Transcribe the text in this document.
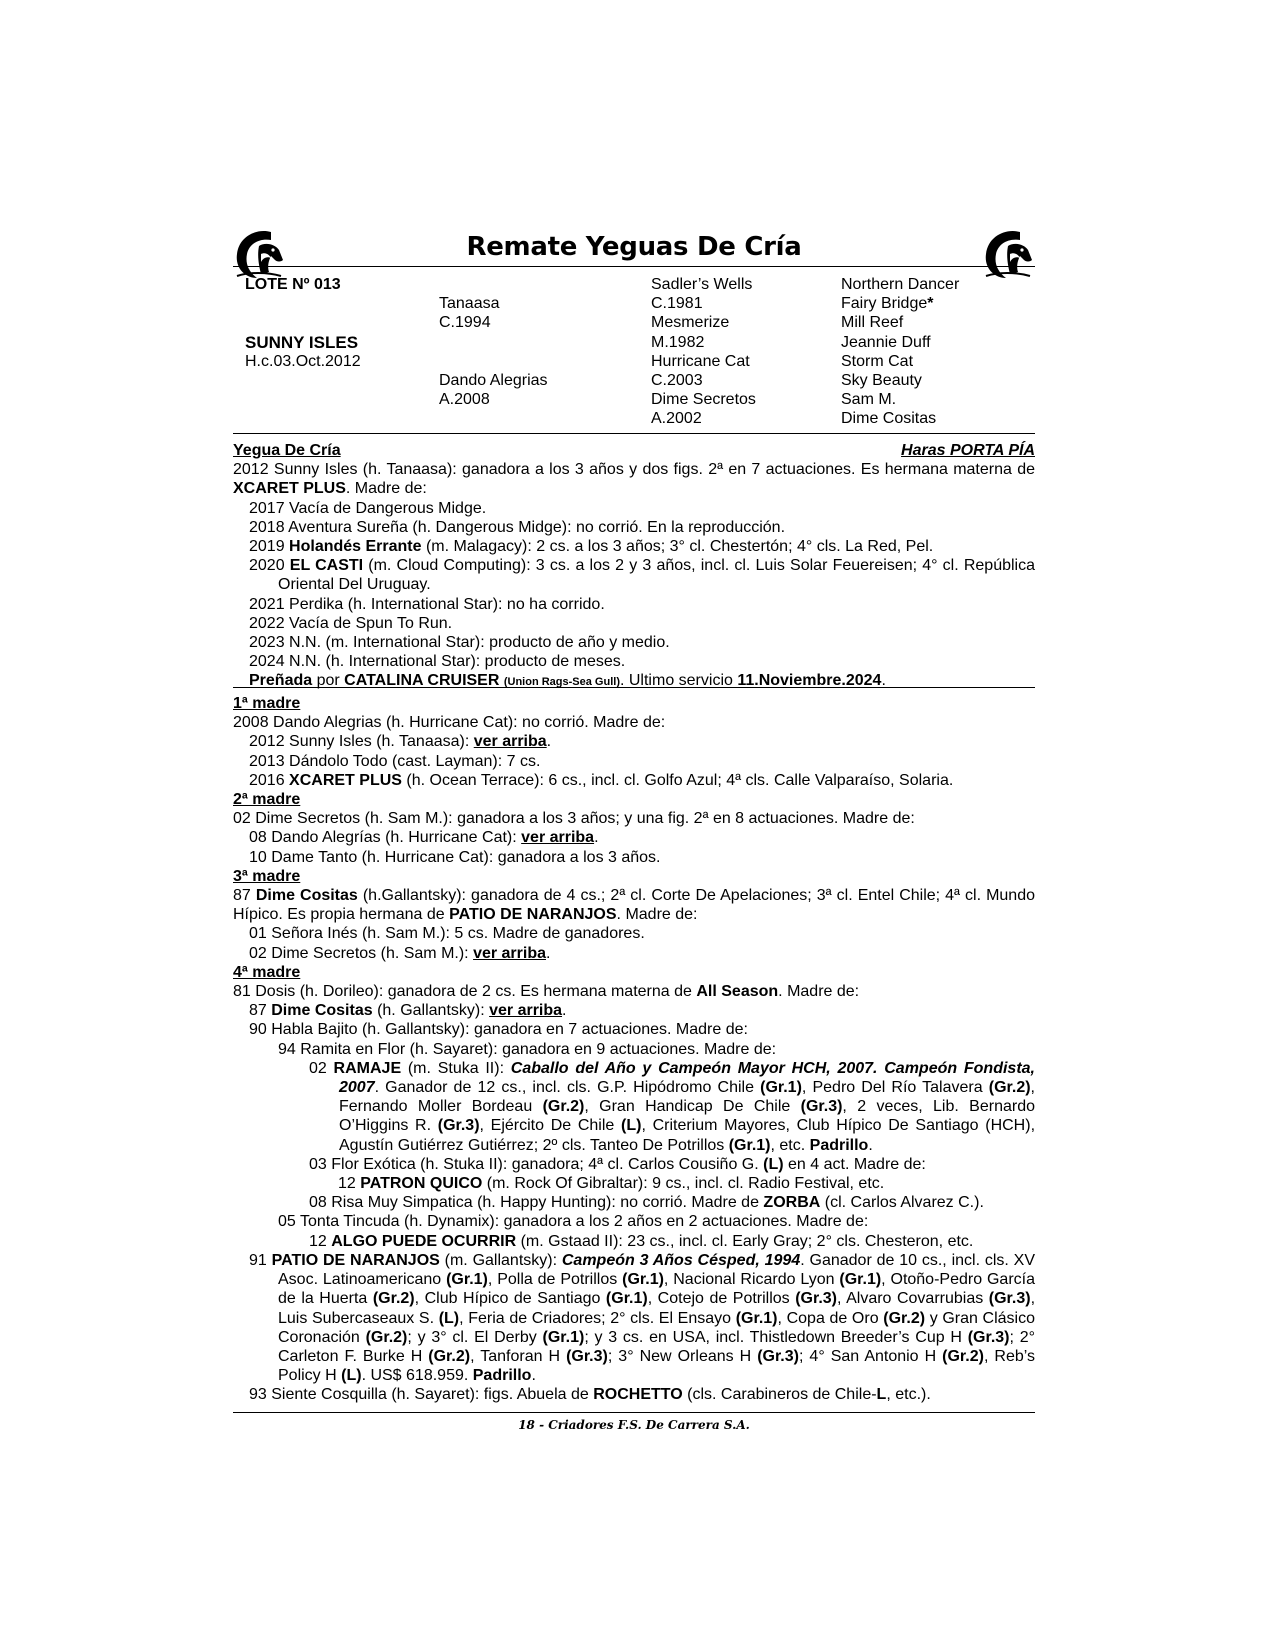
Remate Yeguas De Cría
LOTE Nº 013
SUNNY ISLES
H.c.03.Oct.2012
Tanaasa
C.1994
Dando Alegrias
A.2008
Sadler’s Wells
C.1981
Mesmerize
M.1982
Hurricane Cat
C.2003
Dime Secretos
A.2002
Northern Dancer
Fairy Bridge*
Mill Reef
Jeannie Duff
Storm Cat
Sky Beauty
Sam M.
Dime Cositas
Yegua De Cría	Haras PORTA PÍA
2012 Sunny Isles (h. Tanaasa): ganadora a los 3 años y dos figs. 2ª en 7 actuaciones. Es hermana materna de XCARET PLUS. Madre de:
2017 Vacía de Dangerous Midge.
2018 Aventura Sureña (h. Dangerous Midge): no corrió. En la reproducción.
2019 Holandés Errante (m. Malagacy): 2 cs. a los 3 años; 3° cl. Chestertón; 4° cls. La Red, Pel.
2020 EL CASTI (m. Cloud Computing): 3 cs. a los 2 y 3 años, incl. cl. Luis Solar Feuereisen; 4° cl. República Oriental Del Uruguay.
2021 Perdika (h. International Star): no ha corrido.
2022 Vacía de Spun To Run.
2023 N.N. (m. International Star): producto de año y medio.
2024 N.N. (h. International Star): producto de meses.
Preñada por CATALINA CRUISER (Union Rags-Sea Gull). Ultimo servicio 11.Noviembre.2024.
1ª madre
2008 Dando Alegrias (h. Hurricane Cat): no corrió. Madre de:
2012 Sunny Isles (h. Tanaasa): ver arriba.
2013 Dándolo Todo (cast. Layman): 7 cs.
2016 XCARET PLUS (h. Ocean Terrace): 6 cs., incl. cl. Golfo Azul; 4ª cls. Calle Valparaíso, Solaria.
2ª madre
02 Dime Secretos (h. Sam M.): ganadora a los 3 años; y una fig. 2ª en 8 actuaciones. Madre de:
08 Dando Alegrías (h. Hurricane Cat): ver arriba.
10 Dame Tanto (h. Hurricane Cat): ganadora a los 3 años.
3ª madre
87 Dime Cositas (h.Gallantsky): ganadora de 4 cs.; 2ª cl. Corte De Apelaciones; 3ª cl. Entel Chile; 4ª cl. Mundo Hípico. Es propia hermana de PATIO DE NARANJOS. Madre de:
01 Señora Inés (h. Sam M.): 5 cs. Madre de ganadores.
02 Dime Secretos (h. Sam M.): ver arriba.
4ª madre
81 Dosis (h. Dorileo): ganadora de 2 cs. Es hermana materna de All Season. Madre de:
87 Dime Cositas (h. Gallantsky): ver arriba.
90 Habla Bajito (h. Gallantsky): ganadora en 7 actuaciones. Madre de:
94 Ramita en Flor (h. Sayaret): ganadora en 9 actuaciones. Madre de:
02 RAMAJE (m. Stuka II): Caballo del Año y Campeón Mayor HCH, 2007. Campeón Fondista, 2007. Ganador de 12 cs., incl. cls. G.P. Hipódromo Chile (Gr.1), Pedro Del Río Talavera (Gr.2), Fernando Moller Bordeau (Gr.2), Gran Handicap De Chile (Gr.3), 2 veces, Lib. Bernardo O’Higgins R. (Gr.3), Ejército De Chile (L), Criterium Mayores, Club Hípico De Santiago (HCH), Agustín Gutiérrez Gutiérrez; 2º cls. Tanteo De Potrillos (Gr.1), etc. Padrillo.
03 Flor Exótica (h. Stuka II): ganadora; 4ª cl. Carlos Cousiño G. (L) en 4 act. Madre de:
12 PATRON QUICO (m. Rock Of Gibraltar): 9 cs., incl. cl. Radio Festival, etc.
08 Risa Muy Simpatica (h. Happy Hunting): no corrió. Madre de ZORBA (cl. Carlos Alvarez C.).
05 Tonta Tincuda (h. Dynamix): ganadora a los 2 años en 2 actuaciones. Madre de:
12 ALGO PUEDE OCURRIR (m. Gstaad II): 23 cs., incl. cl. Early Gray; 2° cls. Chesteron, etc.
91 PATIO DE NARANJOS (m. Gallantsky): Campeón 3 Años Césped, 1994. Ganador de 10 cs., incl. cls. XV Asoc. Latinoamericano (Gr.1), Polla de Potrillos (Gr.1), Nacional Ricardo Lyon (Gr.1), Otoño-Pedro García de la Huerta (Gr.2), Club Hípico de Santiago (Gr.1), Cotejo de Potrillos (Gr.3), Alvaro Covarrubias (Gr.3), Luis Subercaseaux S. (L), Feria de Criadores; 2° cls. El Ensayo (Gr.1), Copa de Oro (Gr.2) y Gran Clásico Coronación (Gr.2); y 3° cl. El Derby (Gr.1); y 3 cs. en USA, incl. Thistledown Breeder’s Cup H (Gr.3); 2° Carleton F. Burke H (Gr.2), Tanforan H (Gr.3); 3° New Orleans H (Gr.3); 4° San Antonio H (Gr.2), Reb’s Policy H (L). US$ 618.959. Padrillo.
93 Siente Cosquilla (h. Sayaret): figs. Abuela de ROCHETTO (cls. Carabineros de Chile-L, etc.).
18 - Criadores F.S. De Carrera S.A.
